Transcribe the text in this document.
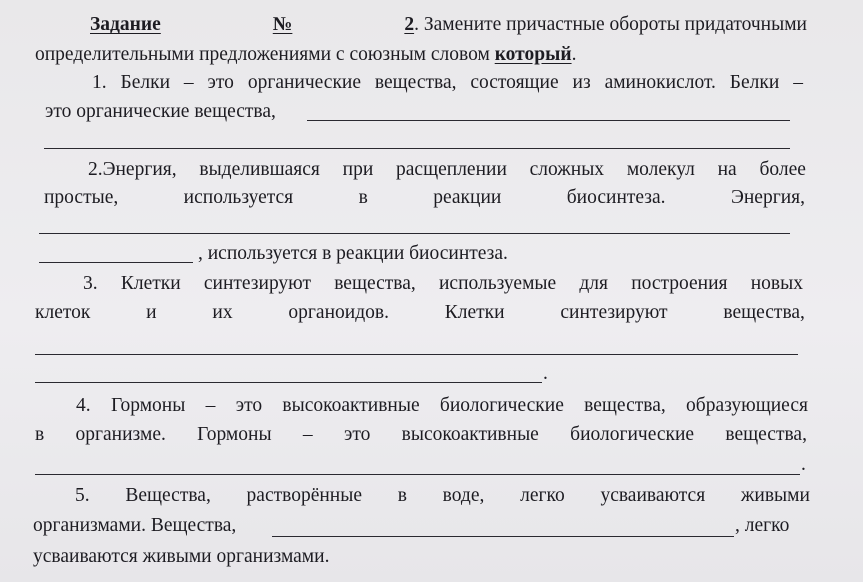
Задание	№	2. Замените причастные обороты придаточными
определительными предложениями с союзным словом который.
1. Белки – это органические вещества, состоящие из аминокислот. Белки –
это органические вещества,
2.Энергия, выделившаяся при расщеплении сложных молекул на более
простые,	используется	в	реакции	биосинтеза.	Энергия,
, используется в реакции биосинтеза.
3. Клетки синтезируют вещества, используемые для построения новых
клеток	и	их	органоидов.	Клетки	синтезируют	вещества,
.
4. Гормоны – это высокоактивные биологические вещества, образующиеся
в организме. Гормоны – это высокоактивные биологические вещества,
.
5. Вещества, растворённые в воде, легко усваиваются живыми
организмами. Вещества,	, легко
усваиваются живыми организмами.
